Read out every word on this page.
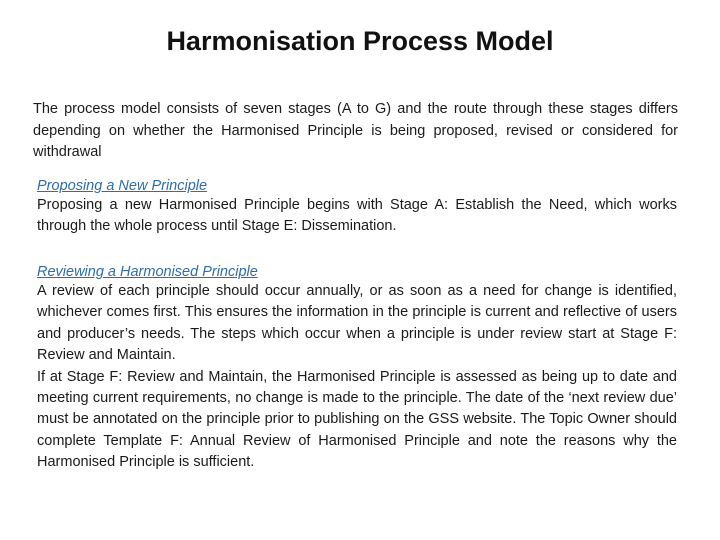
Harmonisation Process Model

The process model consists of seven stages (A to G) and the route through these stages differs depending on whether the Harmonised Principle is being proposed, revised or considered for withdrawal

Proposing a New Principle

Proposing a new Harmonised Principle begins with Stage A: Establish the Need, which works through the whole process until Stage E: Dissemination.

Reviewing a Harmonised Principle

A review of each principle should occur annually, or as soon as a need for change is identified, whichever comes first. This ensures the information in the principle is current and reflective of users and producer’s needs. The steps which occur when a principle is under review start at Stage F: Review and Maintain.

If at Stage F: Review and Maintain, the Harmonised Principle is assessed as being up to date and meeting current requirements, no change is made to the principle. The date of the ‘next review due’ must be annotated on the principle prior to publishing on the GSS website. The Topic Owner should complete Template F: Annual Review of Harmonised Principle and note the reasons why the Harmonised Principle is sufficient.
